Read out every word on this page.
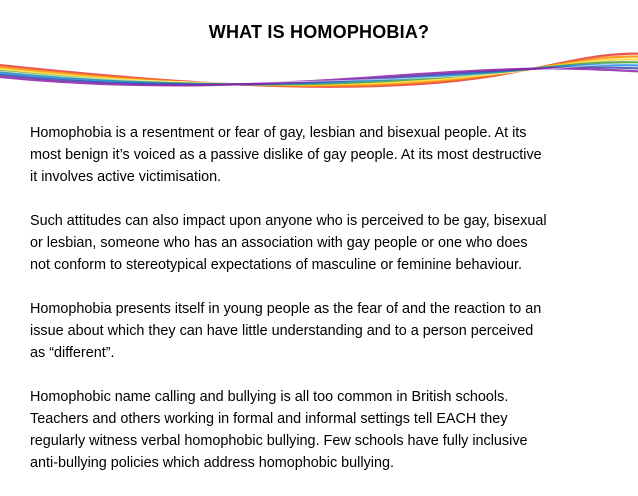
WHAT IS HOMOPHOBIA?

Homophobia is a resentment or fear of gay, lesbian and bisexual people. At its
most benign it’s voiced as a passive dislike of gay people. At its most destructive
it involves active victimisation.

Such attitudes can also impact upon anyone who is perceived to be gay, bisexual
or lesbian, someone who has an association with gay people or one who does
not conform to stereotypical expectations of masculine or feminine behaviour.

Homophobia presents itself in young people as the fear of and the reaction to an
issue about which they can have little understanding and to a person perceived
as “different”.

Homophobic name calling and bullying is all too common in British schools.
Teachers and others working in formal and informal settings tell EACH they
regularly witness verbal homophobic bullying. Few schools have fully inclusive
anti-bullying policies which address homophobic bullying.
